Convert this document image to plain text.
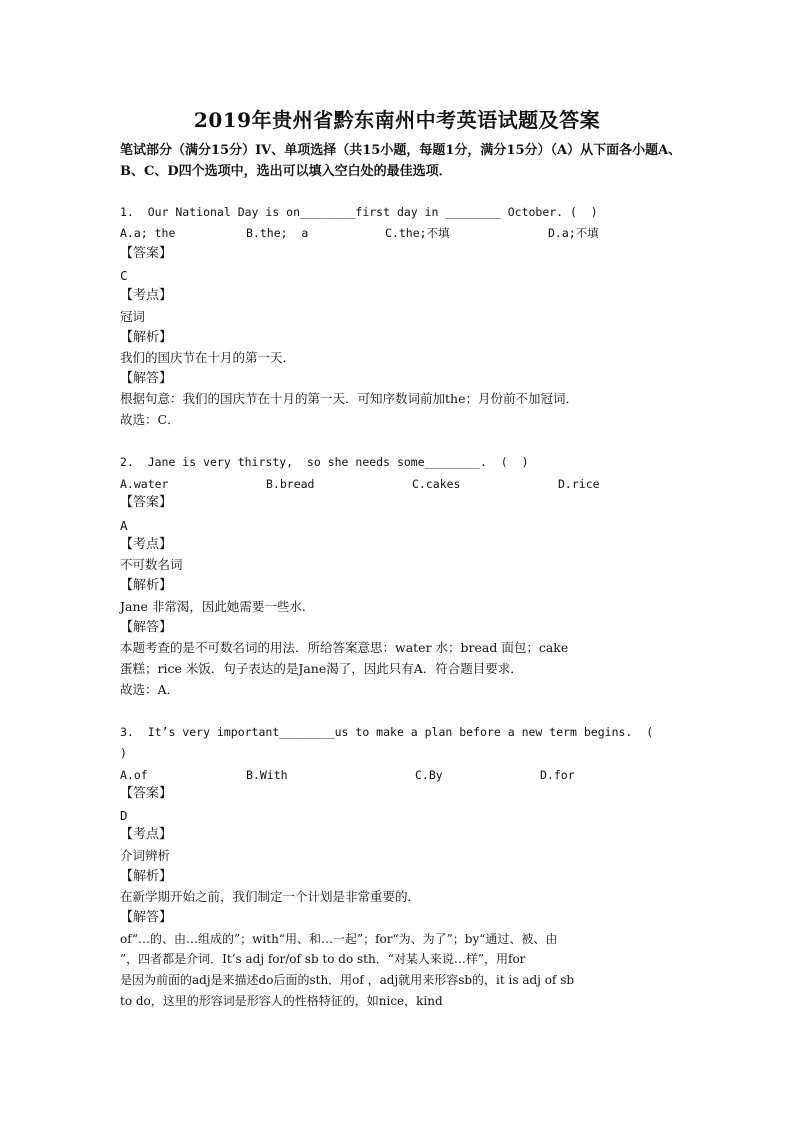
2019年贵州省黔东南州中考英语试题及答案
笔试部分（满分15分）IV、单项选择（共15小题，每题1分，满分15分）（A）从下面各小题A、B、C、D四个选项中，选出可以填入空白处的最佳选项．
1.  Our National Day is on________first day in ________ October. (  )
A.a; the	B.the;  a	C.the;不填	D.a;不填
【答案】
C
【考点】
冠词
【解析】
我们的国庆节在十月的第一天．
【解答】
根据句意：我们的国庆节在十月的第一天．可知序数词前加the；月份前不加冠词．
故选：C．
2.  Jane is very thirsty,  so she needs some________.  (  )
A.water	B.bread	C.cakes	D.rice
【答案】
A
【考点】
不可数名词
【解析】
Jane 非常渴，因此她需要一些水．
【解答】
本题考查的是不可数名词的用法．所给答案意思：water 水；bread 面包；cake
蛋糕；rice 米饭．句子表达的是Jane渴了，因此只有A．符合题目要求．
故选：A．
3.  It’s very important________us to make a plan before a new term begins.  (
)
A.of	B.With	C.By	D.for
【答案】
D
【考点】
介词辨析
【解析】
在新学期开始之前，我们制定一个计划是非常重要的．
【解答】
of“…的、由…组成的”；with“用、和…一起”；for“为、为了”；by“通过、被、由
”，四者都是介词．It’s adj for/of sb to do sth．“对某人来说…样”，用for
是因为前面的adj是来描述do后面的sth．用of ，adj就用来形容sb的，it is adj of sb
to do，这里的形容词是形容人的性格特征的，如nice，kind
